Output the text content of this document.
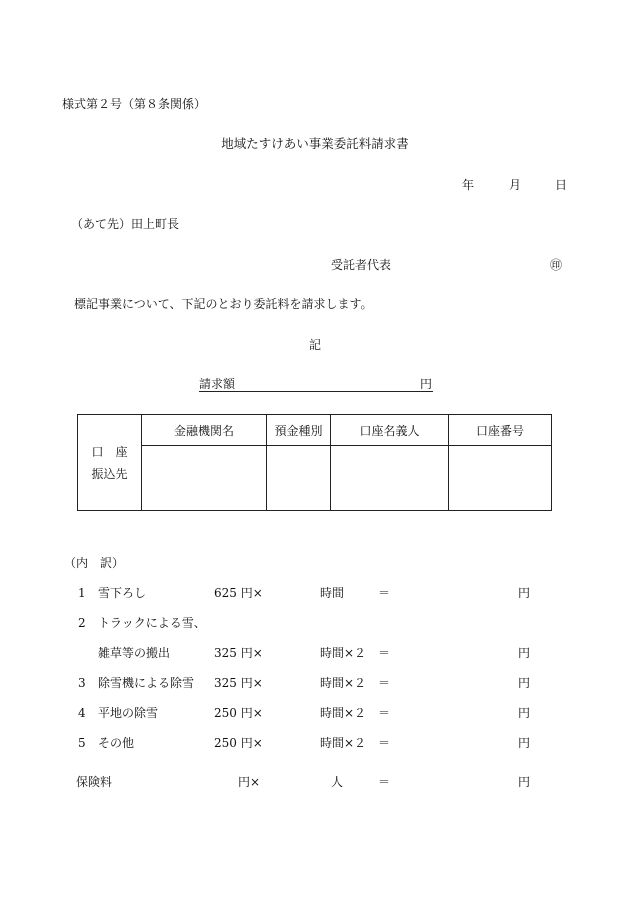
様式第２号（第８条関係）
地域たすけあい事業委託料請求書
年	月	日
（あて先）田上町長
受託者代表	㊞
標記事業について、下記のとおり委託料を請求します。
記
請求額	円
口　座
振込先	金融機関名	預金種別	口座名義人	口座番号

（内　訳）
1 雪下ろし	625 円×	時間	＝	円
2 トラックによる雪、
雑草等の搬出	325 円×	時間×２ ＝	円
3 除雪機による除雪 325 円×	時間×２ ＝	円
4 平地の除雪	250 円×	時間×２ ＝	円
5 その他	250 円×	時間×２ ＝	円
保険料	円×	人	＝	円
